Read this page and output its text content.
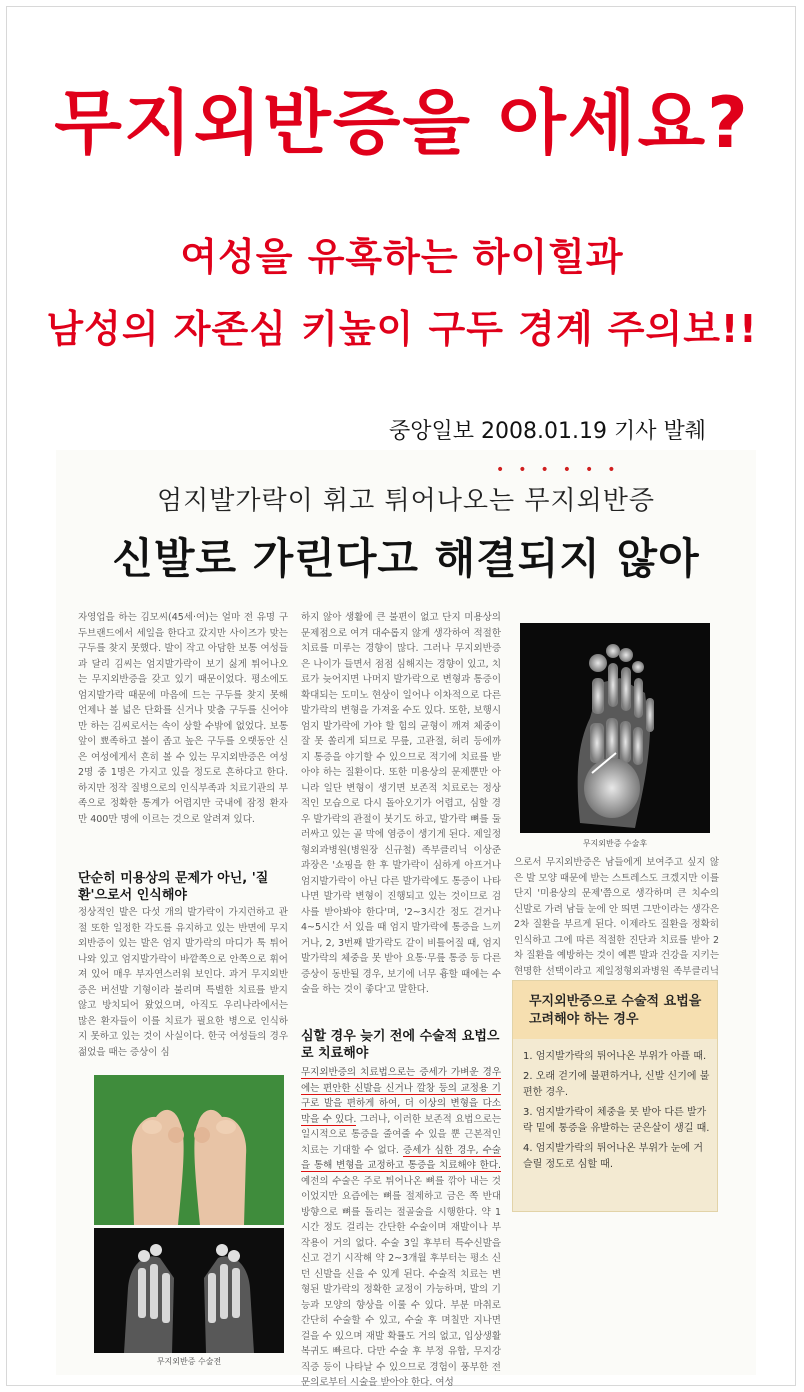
무지외반증을 아세요?
여성을 유혹하는 하이힐과
남성의 자존심 키높이 구두 경계 주의보!!
중앙일보 2008.01.19 기사 발췌
••••••
엄지발가락이 휘고 튀어나오는 무지외반증
신발로 가린다고 해결되지 않아
자영업을 하는 김모씨(45세·여)는 얼마 전 유명 구두브랜드에서 세일을 한다고 갔지만 사이즈가 맞는 구두를 찾지 못했다. 발이 작고 아담한 보통 여성들과 달리 김씨는 엄지발가락이 보기 싫게 튀어나오는 무지외반증을 갖고 있기 때문이었다. 평소에도 엄지발가락 때문에 마음에 드는 구두를 찾지 못해 언제나 볼 넓은 단화를 신거나 맞춤 구두를 신어야만 하는 김씨로서는 속이 상할 수밖에 없었다. 보통 앞이 뾰족하고 볼이 좁고 높은 구두를 오랫동안 신은 여성에게서 흔히 볼 수 있는 무지외반증은 여성 2명 중 1명은 가지고 있을 정도로 흔하다고 한다. 하지만 정작 질병으로의 인식부족과 치료기관의 부족으로 정확한 통계가 어렵지만 국내에 잠정 환자만 400만 명에 이르는 것으로 알려져 있다.
단순히 미용상의 문제가 아닌, '질환'으로서 인식해야
정상적인 발은 다섯 개의 발가락이 가지런하고 관절 또한 일정한 각도를 유지하고 있는 반면에 무지외반증이 있는 발은 엄지 발가락의 마디가 툭 튀어나와 있고 엄지발가락이 바깥쪽으로 안쪽으로 휘어져 있어 매우 부자연스러워 보인다. 과거 무지외반증은 버선발 기형이라 불리며 특별한 치료를 받지 않고 방치되어 왔었으며, 아직도 우리나라에서는 많은 환자들이 이를 치료가 필요한 병으로 인식하지 못하고 있는 것이 사실이다. 한국 여성들의 경우 젊었을 때는 증상이 심
하지 않아 생활에 큰 불편이 없고 단지 미용상의 문제점으로 여겨 대수롭지 않게 생각하여 적절한 치료를 미루는 경향이 많다. 그러나 무지외반증은 나이가 들면서 점점 심해지는 경향이 있고, 치료가 늦어지면 나머지 발가락으로 변형과 통증이 확대되는 도미노 현상이 일어나 이차적으로 다른 발가락의 변형을 가져올 수도 있다. 또한, 보행시 엄지 발가락에 가야 할 힘의 균형이 깨져 체중이 잘 못 쏠리게 되므로 무릎, 고관절, 허리 등에까지 통증을 야기할 수 있으므로 적기에 치료를 받아야 하는 질환이다. 또한 미용상의 문제뿐만 아니라 일단 변형이 생기면 보존적 치료로는 정상적인 모습으로 다시 돌아오기가 어렵고, 심할 경우 발가락의 관절이 붓기도 하고, 발가락 뼈를 둘러싸고 있는 골 막에 염증이 생기게 된다. 제일정형외과병원(병원장 신규철) 족부클리닉 이상준 과장은 '쇼핑을 한 후 발가락이 심하게 아프거나 엄지발가락이 아닌 다른 발가락에도 통증이 나타나면 발가락 변형이 진행되고 있는 것이므로 검사를 받아봐야 한다'며, '2~3시간 정도 걷거나 4~5시간 서 있을 때 엄지 발가락에 통증을 느끼거나, 2, 3번째 발가락도 같이 비틀어질 때, 엄지발가락의 체중을 못 받아 요통·무릎 통증 등 다른 증상이 동반될 경우, 보기에 너무 흉할 때에는 수술을 하는 것이 좋다'고 말한다.
심할 경우 늦기 전에 수술적 요법으로 치료해야
무지외반증의 치료법으로는 증세가 가벼운 경우에는 편안한 신발을 신거나 깔창 등의 교정용 기구로 발을 편하게 하여, 더 이상의 변형을 다소 막을 수 있다. 그러나, 이러한 보존적 요법으로는 일시적으로 통증을 줄여줄 수 있을 뿐 근본적인 치료는 기대할 수 없다. 증세가 심한 경우, 수술을 통해 변형을 교정하고 통증을 치료해야 한다. 예전의 수술은 주로 튀어나온 뼈를 깎아 내는 것이었지만 요즘에는 뼈를 절제하고 금은 쪽 반대 방향으로 뼈를 돌리는 절골술을 시행한다. 약 1시간 정도 걸리는 간단한 수술이며 재발이나 부작용이 거의 없다. 수술 3일 후부터 특수신발을 신고 걷기 시작해 약 2~3개월 후부터는 평소 신던 신발을 신을 수 있게 된다. 수술적 치료는 변형된 발가락의 정확한 교정이 가능하며, 발의 기능과 모양의 향상을 이룰 수 있다. 부분 마취로 간단히 수술할 수 있고, 수술 후 며칠만 지나면 걸을 수 있으며 재발 확률도 거의 없고, 입상생활 복귀도 빠르다. 다만 수술 후 부정 유합, 무지강직증 등이 나타날 수 있으므로 경험이 풍부한 전문의로부터 시술을 받아야 한다. 여성
무지외반증 수술후
으로서 무지외반증은 남들에게 보여주고 싶지 않은 발 모양 때문에 받는 스트레스도 크겠지만 이를 단지 '미용상의 문제'쯤으로 생각하며 큰 치수의 신발로 가려 남들 눈에 안 띄면 그만이라는 생각은 2차 질환을 부르게 된다. 이제라도 질환을 정확히 인식하고 그에 따른 적절한 진단과 치료를 받아 2차 질환을 예방하는 것이 예쁜 발과 건강을 지키는 현명한 선택이라고 제일정형외과병원 족부클리닉
무지외반증으로 수술적 요법을 고려해야 하는 경우
1. 엄지발가락의 튀어나온 부위가 아플 때.
2. 오래 걷기에 불편하거나, 신발 신기에 불편한 경우.
3. 엄지발가락이 체중을 못 받아 다른 발가락 밑에 통증을 유발하는 굳은살이 생길 때.
4. 엄지발가락의 튀어나온 부위가 눈에 거슬릴 정도로 심할 때.
무지외반증 수술전
